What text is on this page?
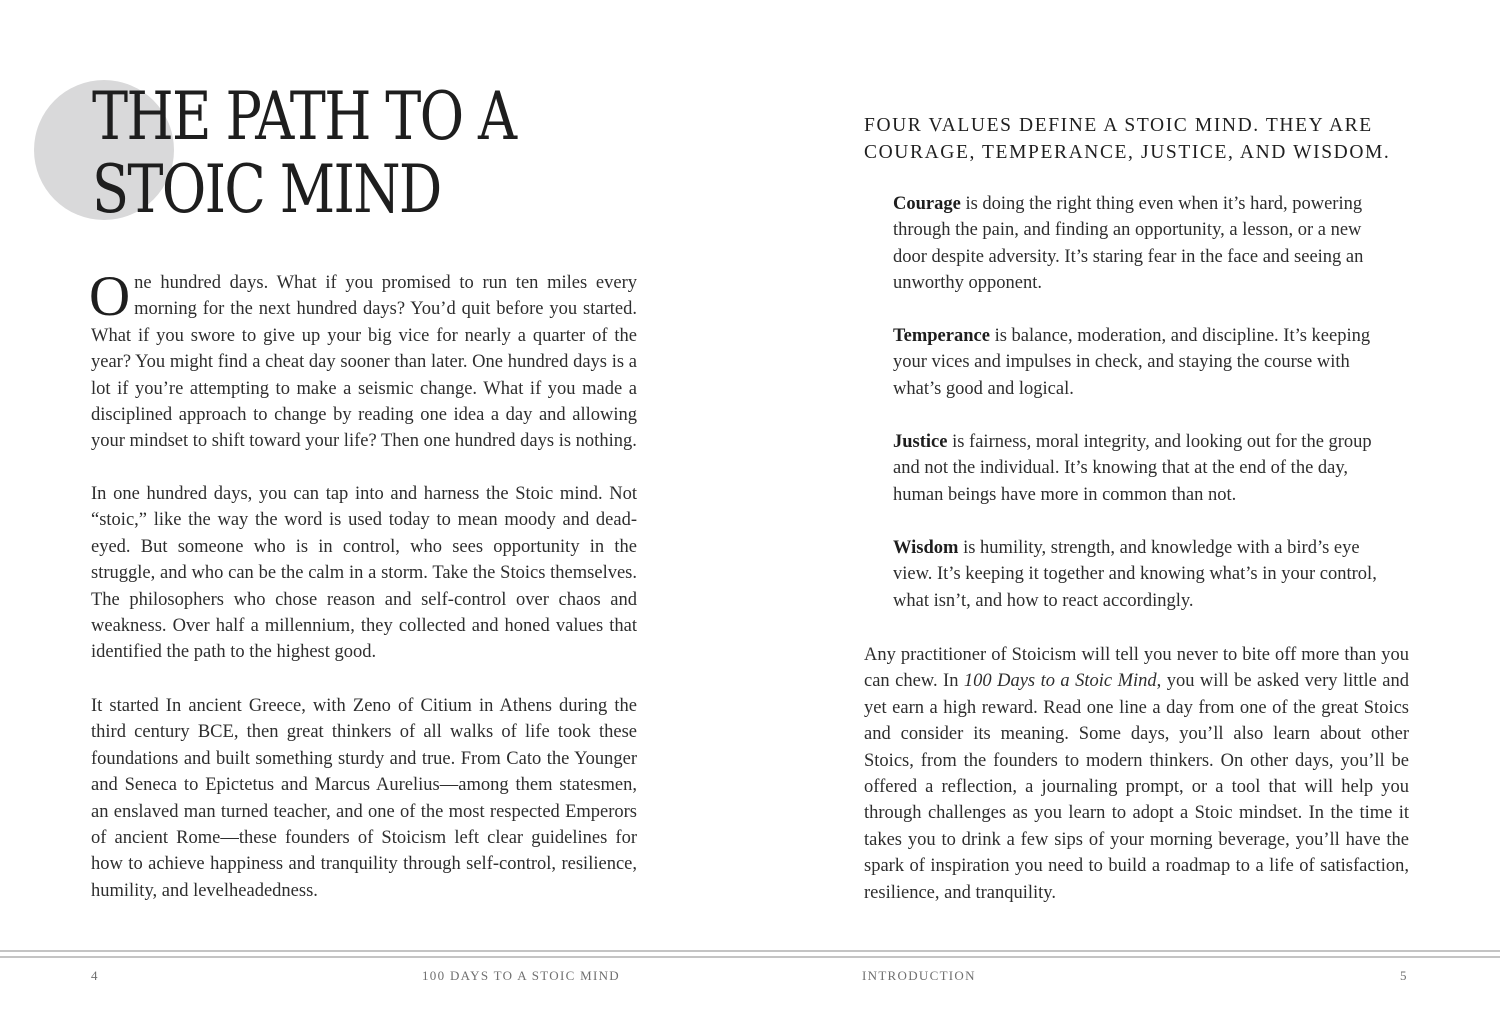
THE PATH TO A STOIC MIND

One hundred days. What if you promised to run ten miles every morning for the next hundred days? You’d quit before you started. What if you swore to give up your big vice for nearly a quarter of the year? You might find a cheat day sooner than later. One hundred days is a lot if you’re attempting to make a seismic change. What if you made a disciplined approach to change by reading one idea a day and allowing your mindset to shift toward your life? Then one hundred days is nothing.

In one hundred days, you can tap into and harness the Stoic mind. Not “stoic,” like the way the word is used today to mean moody and dead-eyed. But someone who is in control, who sees opportunity in the struggle, and who can be the calm in a storm. Take the Stoics themselves. The philosophers who chose reason and self-control over chaos and weakness. Over half a millennium, they collected and honed values that identified the path to the highest good.

It started In ancient Greece, with Zeno of Citium in Athens during the third century BCE, then great thinkers of all walks of life took these foundations and built something sturdy and true. From Cato the Younger and Seneca to Epictetus and Marcus Aurelius—among them statesmen, an enslaved man turned teacher, and one of the most respected Emperors of ancient Rome—these founders of Stoicism left clear guidelines for how to achieve happiness and tranquility through self-control, resilience, humility, and levelheadedness.

FOUR VALUES DEFINE A STOIC MIND. THEY ARE COURAGE, TEMPERANCE, JUSTICE, AND WISDOM.

Courage is doing the right thing even when it’s hard, powering through the pain, and finding an opportunity, a lesson, or a new door despite adversity. It’s staring fear in the face and seeing an unworthy opponent.

Temperance is balance, moderation, and discipline. It’s keeping your vices and impulses in check, and staying the course with what’s good and logical.

Justice is fairness, moral integrity, and looking out for the group and not the individual. It’s knowing that at the end of the day, human beings have more in common than not.

Wisdom is humility, strength, and knowledge with a bird’s eye view. It’s keeping it together and knowing what’s in your control, what isn’t, and how to react accordingly.

Any practitioner of Stoicism will tell you never to bite off more than you can chew. In 100 Days to a Stoic Mind, you will be asked very little and yet earn a high reward. Read one line a day from one of the great Stoics and consider its meaning. Some days, you’ll also learn about other Stoics, from the founders to modern thinkers. On other days, you’ll be offered a reflection, a journaling prompt, or a tool that will help you through challenges as you learn to adopt a Stoic mindset. In the time it takes you to drink a few sips of your morning beverage, you’ll have the spark of inspiration you need to build a roadmap to a life of satisfaction, resilience, and tranquility.

4	100 DAYS TO A STOIC MIND	INTRODUCTION	5
